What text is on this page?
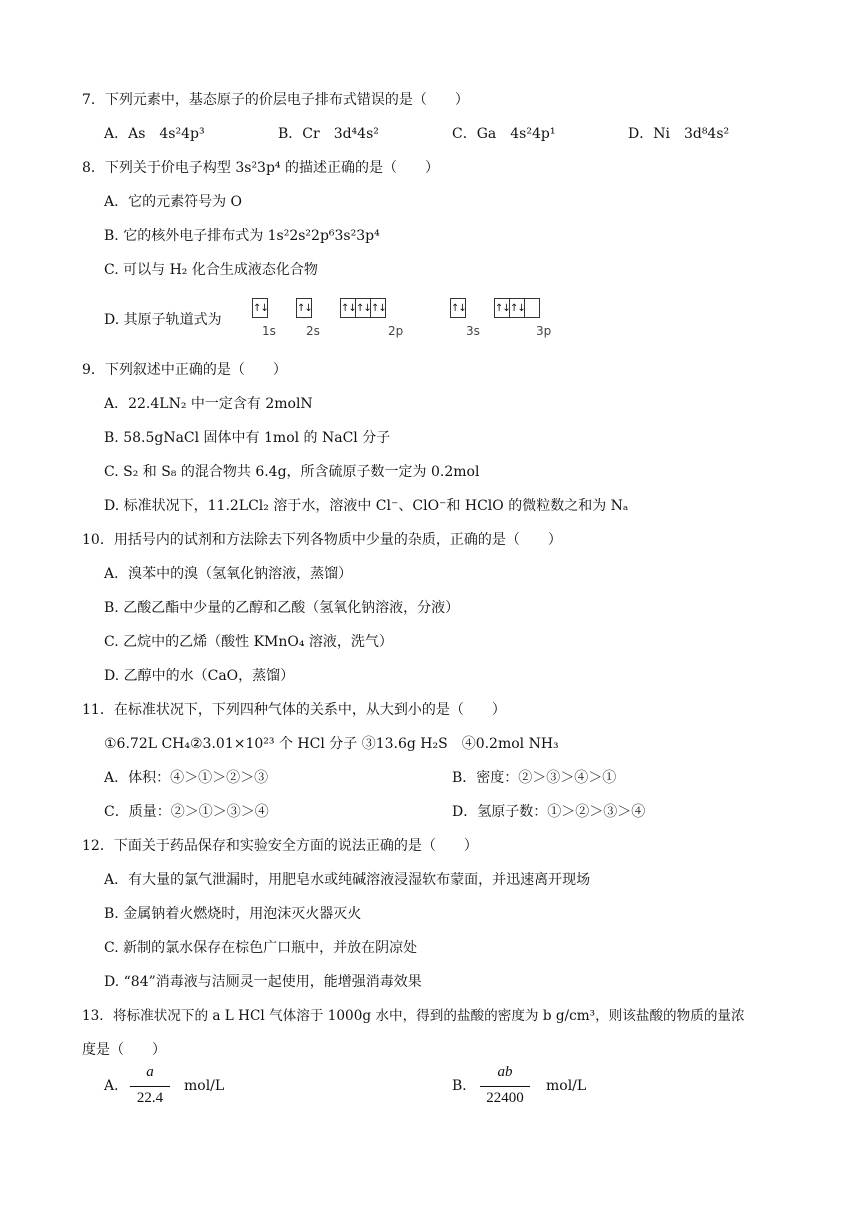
7．下列元素中，基态原子的价层电子排布式错误的是（　　）
A．As　4s²4p³	B．Cr　3d⁴4s²	C．Ga　4s²4p¹	D．Ni　3d⁸4s²
8．下列关于价电子构型 3s²3p⁴ 的描述正确的是（　　）
A．它的元素符号为 O
B. 它的核外电子排布式为 1s²2s²2p⁶3s²3p⁴
C. 可以与 H₂ 化合生成液态化合物
D. 其原子轨道式为
↑↓	↑↓	↑↓ ↑↓ ↑↓	↑↓	↑↓ ↑↓
1s	2s	2p	3s	3p
9．下列叙述中正确的是（　　）
A．22.4LN₂ 中一定含有 2molN
B. 58.5gNaCl 固体中有 1mol 的 NaCl 分子
C. S₂ 和 S₈ 的混合物共 6.4g，所含硫原子数一定为 0.2mol
D. 标准状况下，11.2LCl₂ 溶于水，溶液中 Cl⁻、ClO⁻和 HClO 的微粒数之和为 Nₐ
10．用括号内的试剂和方法除去下列各物质中少量的杂质，正确的是（　　）
A．溴苯中的溴（氢氧化钠溶液，蒸馏）
B. 乙酸乙酯中少量的乙醇和乙酸（氢氧化钠溶液，分液）
C. 乙烷中的乙烯（酸性 KMnO₄ 溶液，洗气）
D. 乙醇中的水（CaO，蒸馏）
11．在标准状况下，下列四种气体的关系中，从大到小的是（　　）
①6.72L CH₄②3.01×10²³ 个 HCl 分子 ③13.6g H₂S　④0.2mol NH₃
A．体积：④＞①＞②＞③	B．密度：②＞③＞④＞①
C．质量：②＞①＞③＞④	D．氢原子数：①＞②＞③＞④
12．下面关于药品保存和实验安全方面的说法正确的是（　　）
A．有大量的氯气泄漏时，用肥皂水或纯碱溶液浸湿软布蒙面，并迅速离开现场
B. 金属钠着火燃烧时，用泡沫灭火器灭火
C. 新制的氯水保存在棕色广口瓶中，并放在阴凉处
D. “84”消毒液与洁厕灵一起使用，能增强消毒效果
13．将标准状况下的 a L HCl 气体溶于 1000g 水中，得到的盐酸的密度为 b g/cm³，则该盐酸的物质的量浓
度是（　　）
A．
a
22.4
mol/L	B．
ab
22400
mol/L
